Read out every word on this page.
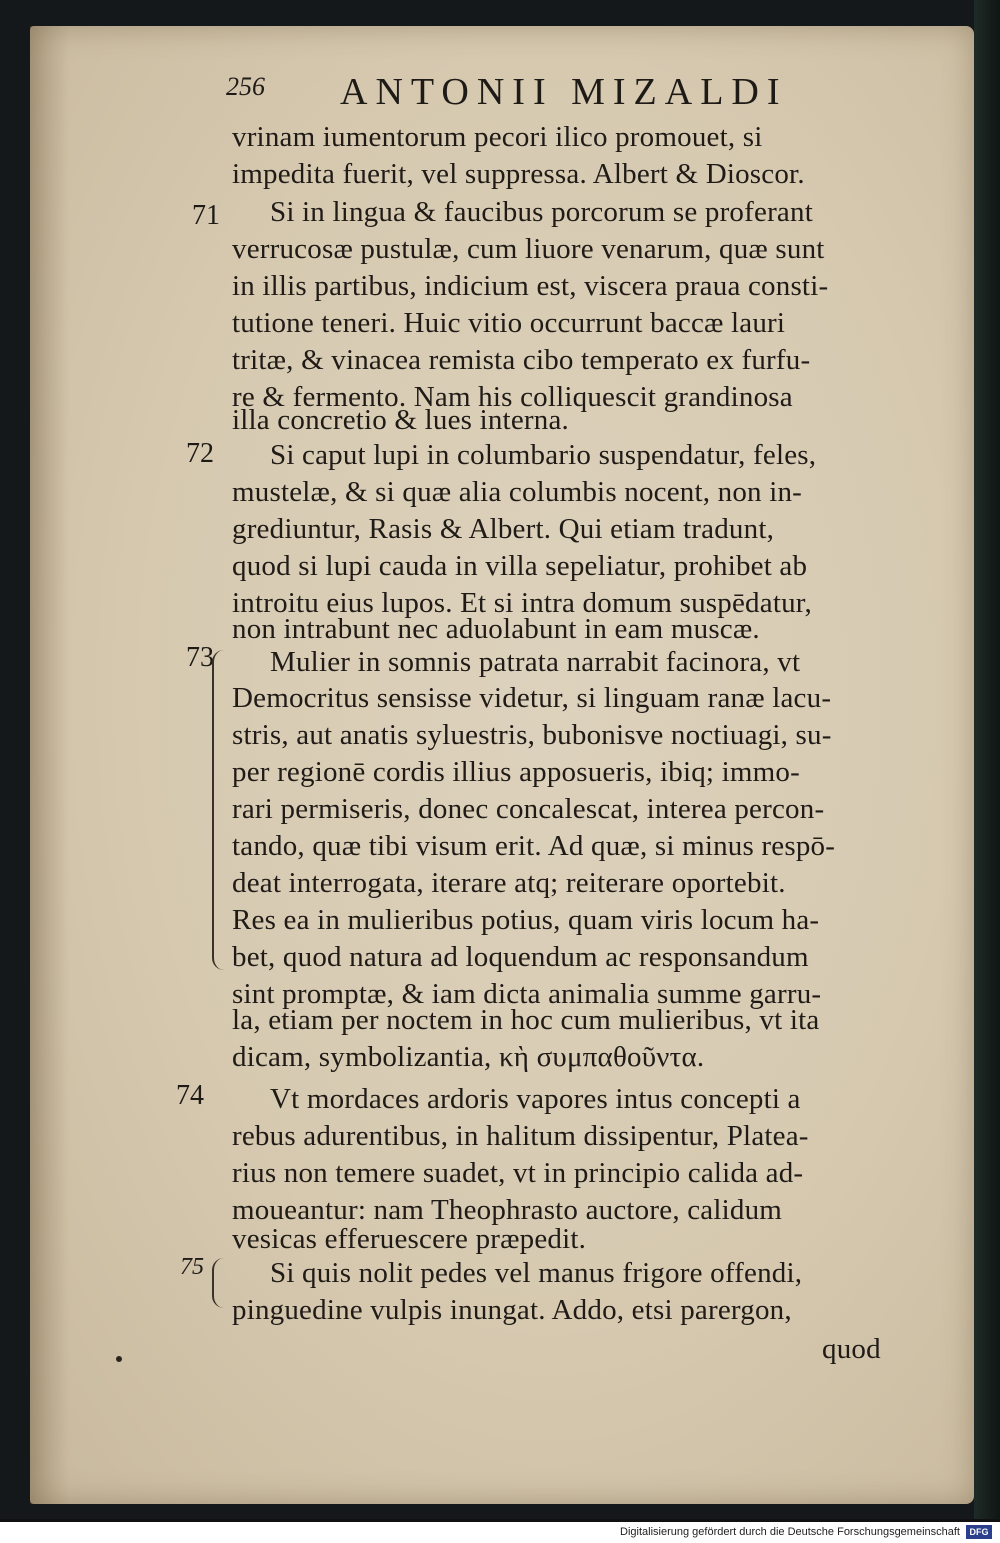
256 ANTONII MIZALDI
71
72
73
74
75
vrinam iumentorum pecori ilico promouet, si
impedita fuerit, vel suppressa. Albert & Dioscor.
Si in lingua & faucibus porcorum se proferant
verrucosæ pustulæ, cum liuore venarum, quæ sunt
in illis partibus, indicium est, viscera praua consti-
tutione teneri. Huic vitio occurrunt baccæ lauri
tritæ, & vinacea remista cibo temperato ex furfu-
re & fermento. Nam his colliquescit grandinosa
illa concretio & lues interna.
Si caput lupi in columbario suspendatur, feles,
mustelæ, & si quæ alia columbis nocent, non in-
grediuntur, Rasis & Albert. Qui etiam tradunt,
quod si lupi cauda in villa sepeliatur, prohibet ab
introitu eius lupos. Et si intra domum suspēdatur,
non intrabunt nec aduolabunt in eam muscæ.
Mulier in somnis patrata narrabit facinora, vt
Democritus sensisse videtur, si linguam ranæ lacu-
stris, aut anatis syluestris, bubonisve noctiuagi, su-
per regionē cordis illius apposueris, ibiq; immo-
rari permiseris, donec concalescat, interea percon-
tando, quæ tibi visum erit. Ad quæ, si minus respō-
deat interrogata, iterare atq; reiterare oportebit.
Res ea in mulieribus potius, quam viris locum ha-
bet, quod natura ad loquendum ac responsandum
sint promptæ, & iam dicta animalia summe garru-
la, etiam per noctem in hoc cum mulieribus, vt ita
dicam, symbolizantia, κὴ συμπαθοῦντα.
Vt mordaces ardoris vapores intus concepti a
rebus adurentibus, in halitum dissipentur, Platea-
rius non temere suadet, vt in principio calida ad-
moueantur: nam Theophrasto auctore, calidum
vesicas efferuescere præpedit.
Si quis nolit pedes vel manus frigore offendi,
pinguedine vulpis inungat. Addo, etsi parergon,
quod
Digitalisierung gefördert durch die Deutsche Forschungsgemeinschaft	DFG
